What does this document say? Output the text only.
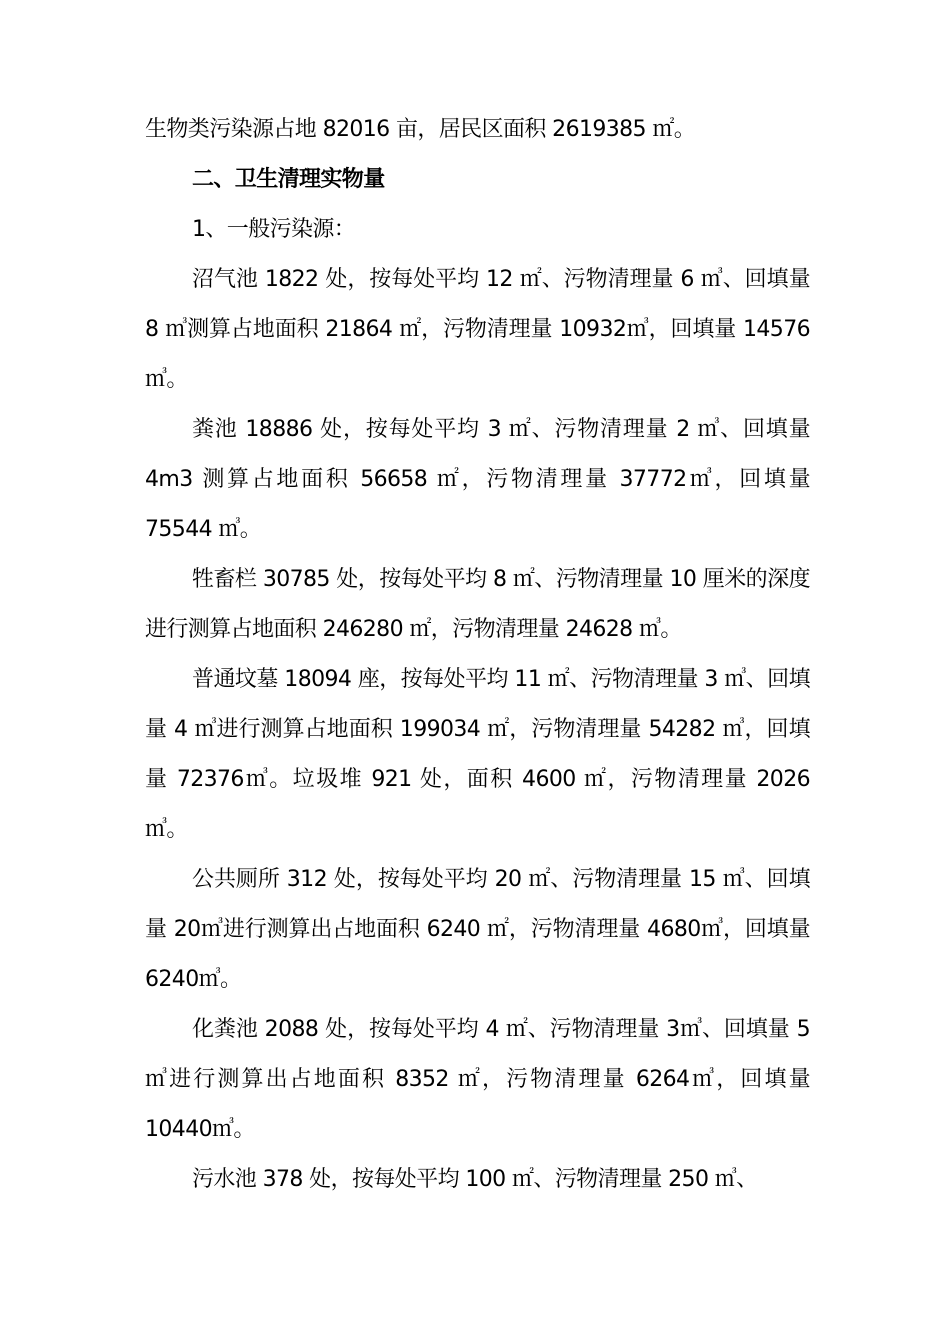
生物类污染源占地 82016 亩，居民区面积 2619385 ㎡。

二、卫生清理实物量

1、一般污染源：

沼气池 1822 处，按每处平均 12 ㎡、污物清理量 6 ㎥、回填量 8 ㎥测算占地面积 21864 ㎡，污物清理量 10932㎥，回填量 14576 ㎥。

粪池 18886 处，按每处平均 3 ㎡、污物清理量 2 ㎥、回填量 4m3 测算占地面积 56658 ㎡，污物清理量 37772㎥，回填量 75544 ㎥。

牲畜栏 30785 处，按每处平均 8 ㎡、污物清理量 10 厘米的深度进行测算占地面积 246280 ㎡，污物清理量 24628 ㎥。

普通坟墓 18094 座，按每处平均 11 ㎡、污物清理量 3 ㎥、回填量 4 ㎥进行测算占地面积 199034 ㎡，污物清理量 54282 ㎥，回填量 72376㎥。垃圾堆 921 处，面积 4600 ㎡，污物清理量 2026 ㎥。

公共厕所 312 处，按每处平均 20 ㎡、污物清理量 15 ㎥、回填量 20㎥进行测算出占地面积 6240 ㎡，污物清理量 4680㎥，回填量 6240㎥。

化粪池 2088 处，按每处平均 4 ㎡、污物清理量 3㎥、回填量 5㎥进行测算出占地面积 8352 ㎡，污物清理量 6264㎥，回填量 10440㎥。

污水池 378 处，按每处平均 100 ㎡、污物清理量 250 ㎥、
